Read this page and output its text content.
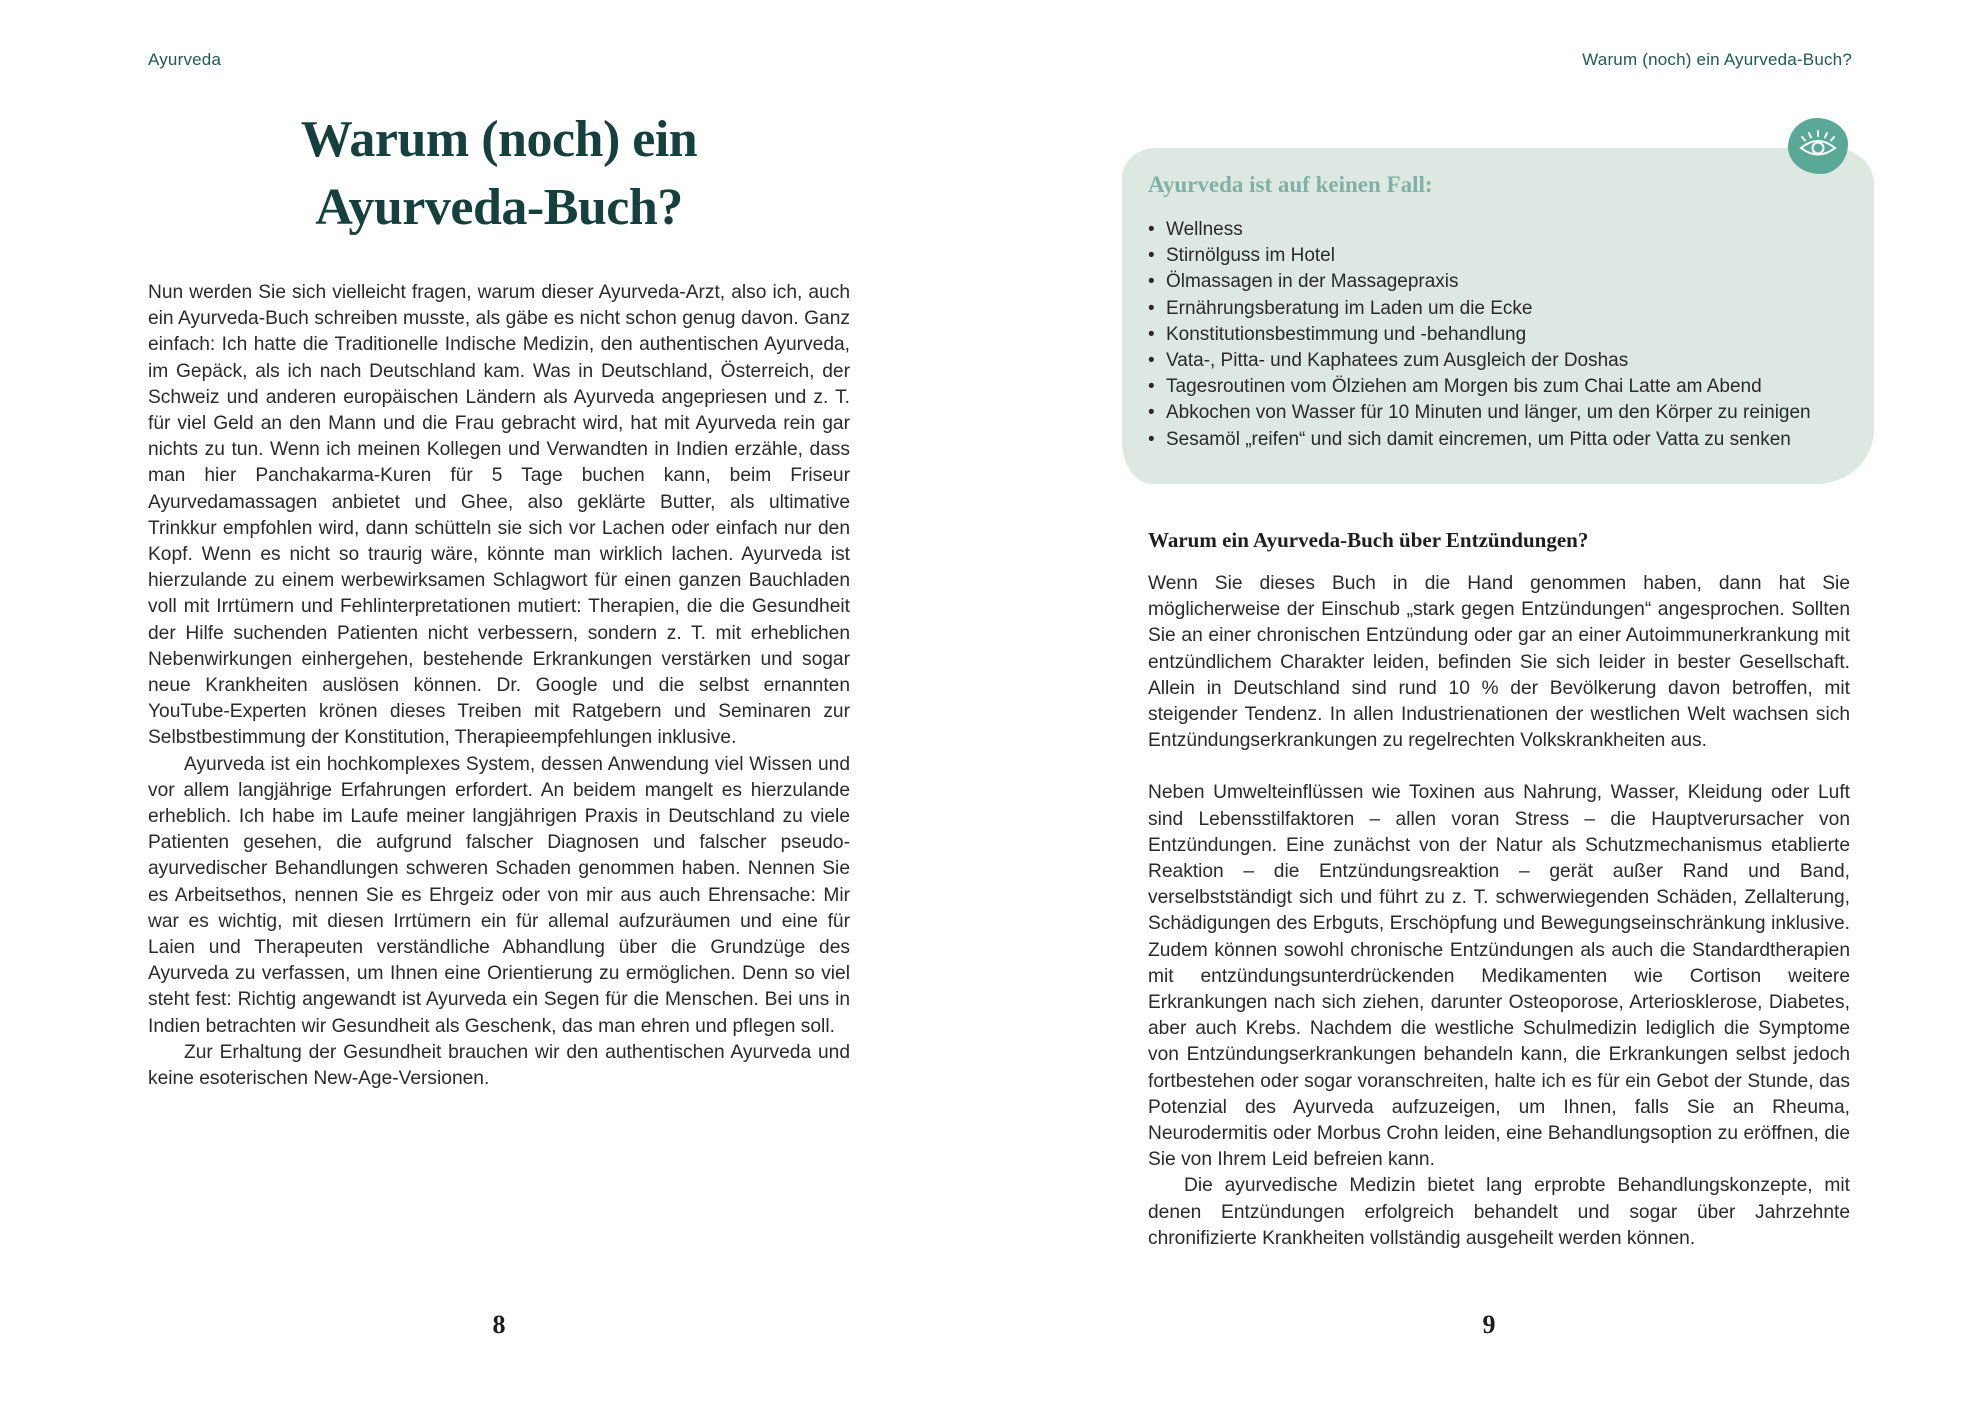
Ayurveda
Warum (noch) ein
Ayurveda-Buch?

Nun werden Sie sich vielleicht fragen, warum dieser Ayurveda-Arzt, also ich, auch ein Ayurveda-Buch schreiben musste, als gäbe es nicht schon genug davon. Ganz einfach: Ich hatte die Traditionelle Indische Medizin, den authentischen Ayurveda, im Gepäck, als ich nach Deutschland kam. Was in Deutschland, Österreich, der Schweiz und anderen europäischen Ländern als Ayurveda angepriesen und z. T. für viel Geld an den Mann und die Frau gebracht wird, hat mit Ayurveda rein gar nichts zu tun. Wenn ich meinen Kollegen und Verwandten in Indien erzähle, dass man hier Panchakarma-Kuren für 5 Tage buchen kann, beim Friseur Ayurvedamassagen anbietet und Ghee, also geklärte Butter, als ultimative Trinkkur empfohlen wird, dann schütteln sie sich vor Lachen oder einfach nur den Kopf. Wenn es nicht so traurig wäre, könnte man wirklich lachen. Ayurveda ist hierzulande zu einem werbewirksamen Schlagwort für einen ganzen Bauchladen voll mit Irrtümern und Fehlinterpretationen mutiert: Therapien, die die Gesundheit der Hilfe suchenden Patienten nicht verbessern, sondern z. T. mit erheblichen Nebenwirkungen einhergehen, bestehende Erkrankungen verstärken und sogar neue Krankheiten auslösen können. Dr. Google und die selbst ernannten YouTube-Experten krönen dieses Treiben mit Ratgebern und Seminaren zur Selbstbestimmung der Konstitution, Therapieempfehlungen inklusive.

Ayurveda ist ein hochkomplexes System, dessen Anwendung viel Wissen und vor allem langjährige Erfahrungen erfordert. An beidem mangelt es hierzulande erheblich. Ich habe im Laufe meiner langjährigen Praxis in Deutschland zu viele Patienten gesehen, die aufgrund falscher Diagnosen und falscher pseudo-ayurvedischer Behandlungen schweren Schaden genommen haben. Nennen Sie es Arbeitsethos, nennen Sie es Ehrgeiz oder von mir aus auch Ehrensache: Mir war es wichtig, mit diesen Irrtümern ein für allemal aufzuräumen und eine für Laien und Therapeuten verständliche Abhandlung über die Grundzüge des Ayurveda zu verfassen, um Ihnen eine Orientierung zu ermöglichen. Denn so viel steht fest: Richtig angewandt ist Ayurveda ein Segen für die Menschen. Bei uns in Indien betrachten wir Gesundheit als Geschenk, das man ehren und pflegen soll.

Zur Erhaltung der Gesundheit brauchen wir den authentischen Ayurveda und keine esoterischen New-Age-Versionen.

8
Warum (noch) ein Ayurveda-Buch?
9
Ayurveda ist auf keinen Fall:
• Wellness
• Stirnölguss im Hotel
• Ölmassagen in der Massagepraxis
• Ernährungsberatung im Laden um die Ecke
• Konstitutionsbestimmung und -behandlung
• Vata-, Pitta- und Kaphatees zum Ausgleich der Doshas
• Tagesroutinen vom Ölziehen am Morgen bis zum Chai Latte am Abend
• Abkochen von Wasser für 10 Minuten und länger, um den Körper zu reinigen
• Sesamöl „reifen“ und sich damit eincremen, um Pitta oder Vatta zu senken
Warum ein Ayurveda-Buch über Entzündungen?

Wenn Sie dieses Buch in die Hand genommen haben, dann hat Sie möglicherweise der Einschub „stark gegen Entzündungen“ angesprochen. Sollten Sie an einer chronischen Entzündung oder gar an einer Autoimmunerkrankung mit entzündlichem Charakter leiden, befinden Sie sich leider in bester Gesellschaft. Allein in Deutschland sind rund 10 % der Bevölkerung davon betroffen, mit steigender Tendenz. In allen Industrienationen der westlichen Welt wachsen sich Entzündungserkrankungen zu regelrechten Volkskrankheiten aus.

Neben Umwelteinflüssen wie Toxinen aus Nahrung, Wasser, Kleidung oder Luft sind Lebensstilfaktoren – allen voran Stress – die Hauptverursacher von Entzündungen. Eine zunächst von der Natur als Schutzmechanismus etablierte Reaktion – die Entzündungsreaktion – gerät außer Rand und Band, verselbstständigt sich und führt zu z. T. schwerwiegenden Schäden, Zellalterung, Schädigungen des Erbguts, Erschöpfung und Bewegungseinschränkung inklusive. Zudem können sowohl chronische Entzündungen als auch die Standardtherapien mit entzündungsunterdrückenden Medikamenten wie Cortison weitere Erkrankungen nach sich ziehen, darunter Osteoporose, Arteriosklerose, Diabetes, aber auch Krebs. Nachdem die westliche Schulmedizin lediglich die Symptome von Entzündungserkrankungen behandeln kann, die Erkrankungen selbst jedoch fortbestehen oder sogar voranschreiten, halte ich es für ein Gebot der Stunde, das Potenzial des Ayurveda aufzuzeigen, um Ihnen, falls Sie an Rheuma, Neurodermitis oder Morbus Crohn leiden, eine Behandlungsoption zu eröffnen, die Sie von Ihrem Leid befreien kann.

Die ayurvedische Medizin bietet lang erprobte Behandlungskonzepte, mit denen Entzündungen erfolgreich behandelt und sogar über Jahrzehnte chronifizierte Krankheiten vollständig ausgeheilt werden können.
